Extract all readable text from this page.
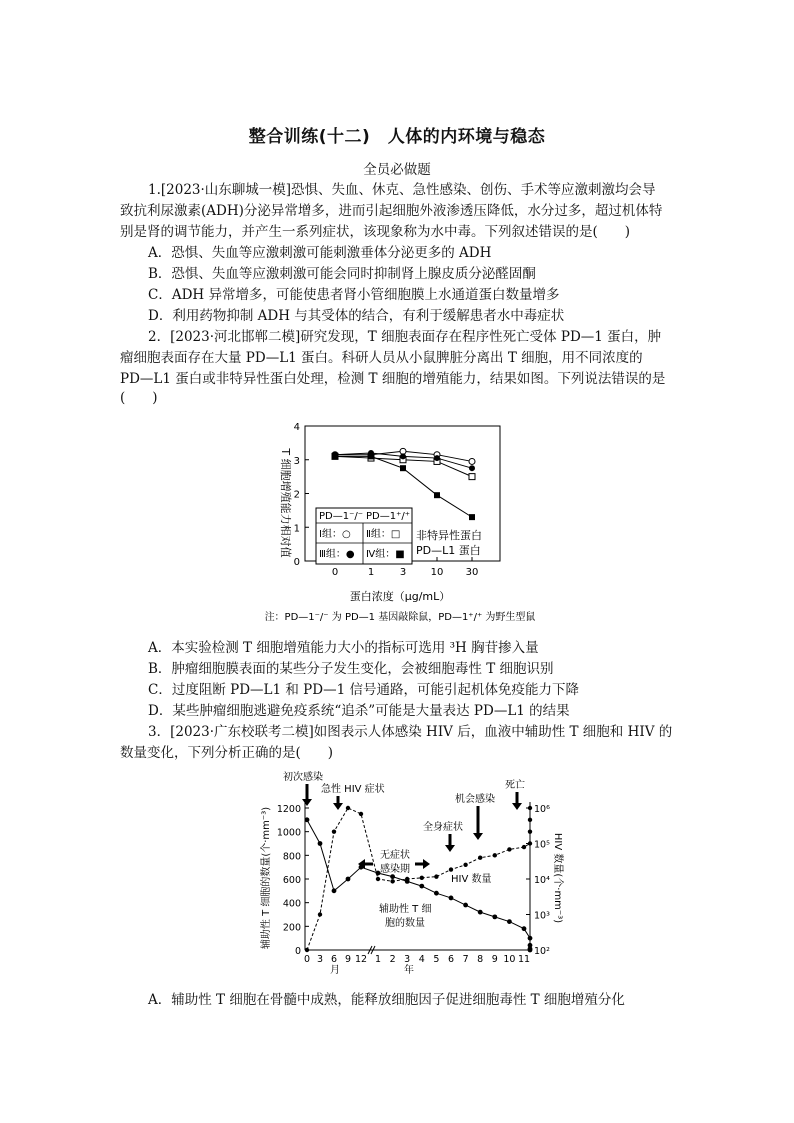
整合训练(十二)　人体的内环境与稳态
全员必做题
1.[2023·山东聊城一模]恐惧、失血、休克、急性感染、创伤、手术等应激刺激均会导
致抗利尿激素(ADH)分泌异常增多，进而引起细胞外液渗透压降低，水分过多，超过机体特
别是肾的调节能力，并产生一系列症状，该现象称为水中毒。下列叙述错误的是(　　)
A．恐惧、失血等应激刺激可能刺激垂体分泌更多的 ADH
B．恐惧、失血等应激刺激可能会同时抑制肾上腺皮质分泌醛固酮
C．ADH 异常增多，可能使患者肾小管细胞膜上水通道蛋白数量增多
D．利用药物抑制 ADH 与其受体的结合，有利于缓解患者水中毒症状
2．[2023·河北邯郸二模]研究发现，T 细胞表面存在程序性死亡受体 PD—1 蛋白，肿
瘤细胞表面存在大量 PD—L1 蛋白。科研人员从小鼠脾脏分离出 T 细胞，用不同浓度的
PD—L1 蛋白或非特异性蛋白处理，检测 T 细胞的增殖能力，结果如图。下列说法错误的是
(　　)
0
1
2
3
4
0	1	3 10 30
T 细胞增殖能力相对值
蛋白浓度（μg/mL）
PD—1⁻/⁻ PD—1⁺/⁺
Ⅰ组：○ Ⅱ组：□
Ⅲ组：● Ⅳ组：■
非特异性蛋白
PD—L1 蛋白
注：PD—1⁻/⁻ 为 PD—1 基因敲除鼠，PD—1⁺/⁺ 为野生型鼠
A．本实验检测 T 细胞增殖能力大小的指标可选用 ³H 胸苷掺入量
B．肿瘤细胞膜表面的某些分子发生变化，会被细胞毒性 T 细胞识别
C．过度阻断 PD—L1 和 PD—1 信号通路，可能引起机体免疫能力下降
D．某些肿瘤细胞逃避免疫系统“追杀”可能是大量表达 PD—L1 的结果
3．[2023·广东校联考二模]如图表示人体感染 HIV 后，血液中辅助性 T 细胞和 HIV 的
数量变化，下列分析正确的是(　　)
0
200
400
600
800
1000
1200
10²
10³
10⁴
10⁵
10⁶
0 3 6 9 12 1 2 3 4 5 6 7 8 9 10 11
辅助性 T 细胞的数量(个·mm⁻³)	HIV 数量(个·mm⁻³)
月	年
初次感染
急性 HIV 症状
无症状
感染期
全身症状
机会感染
死亡
HIV 数量
辅助性 T 细
胞的数量
A．辅助性 T 细胞在骨髓中成熟，能释放细胞因子促进细胞毒性 T 细胞增殖分化
